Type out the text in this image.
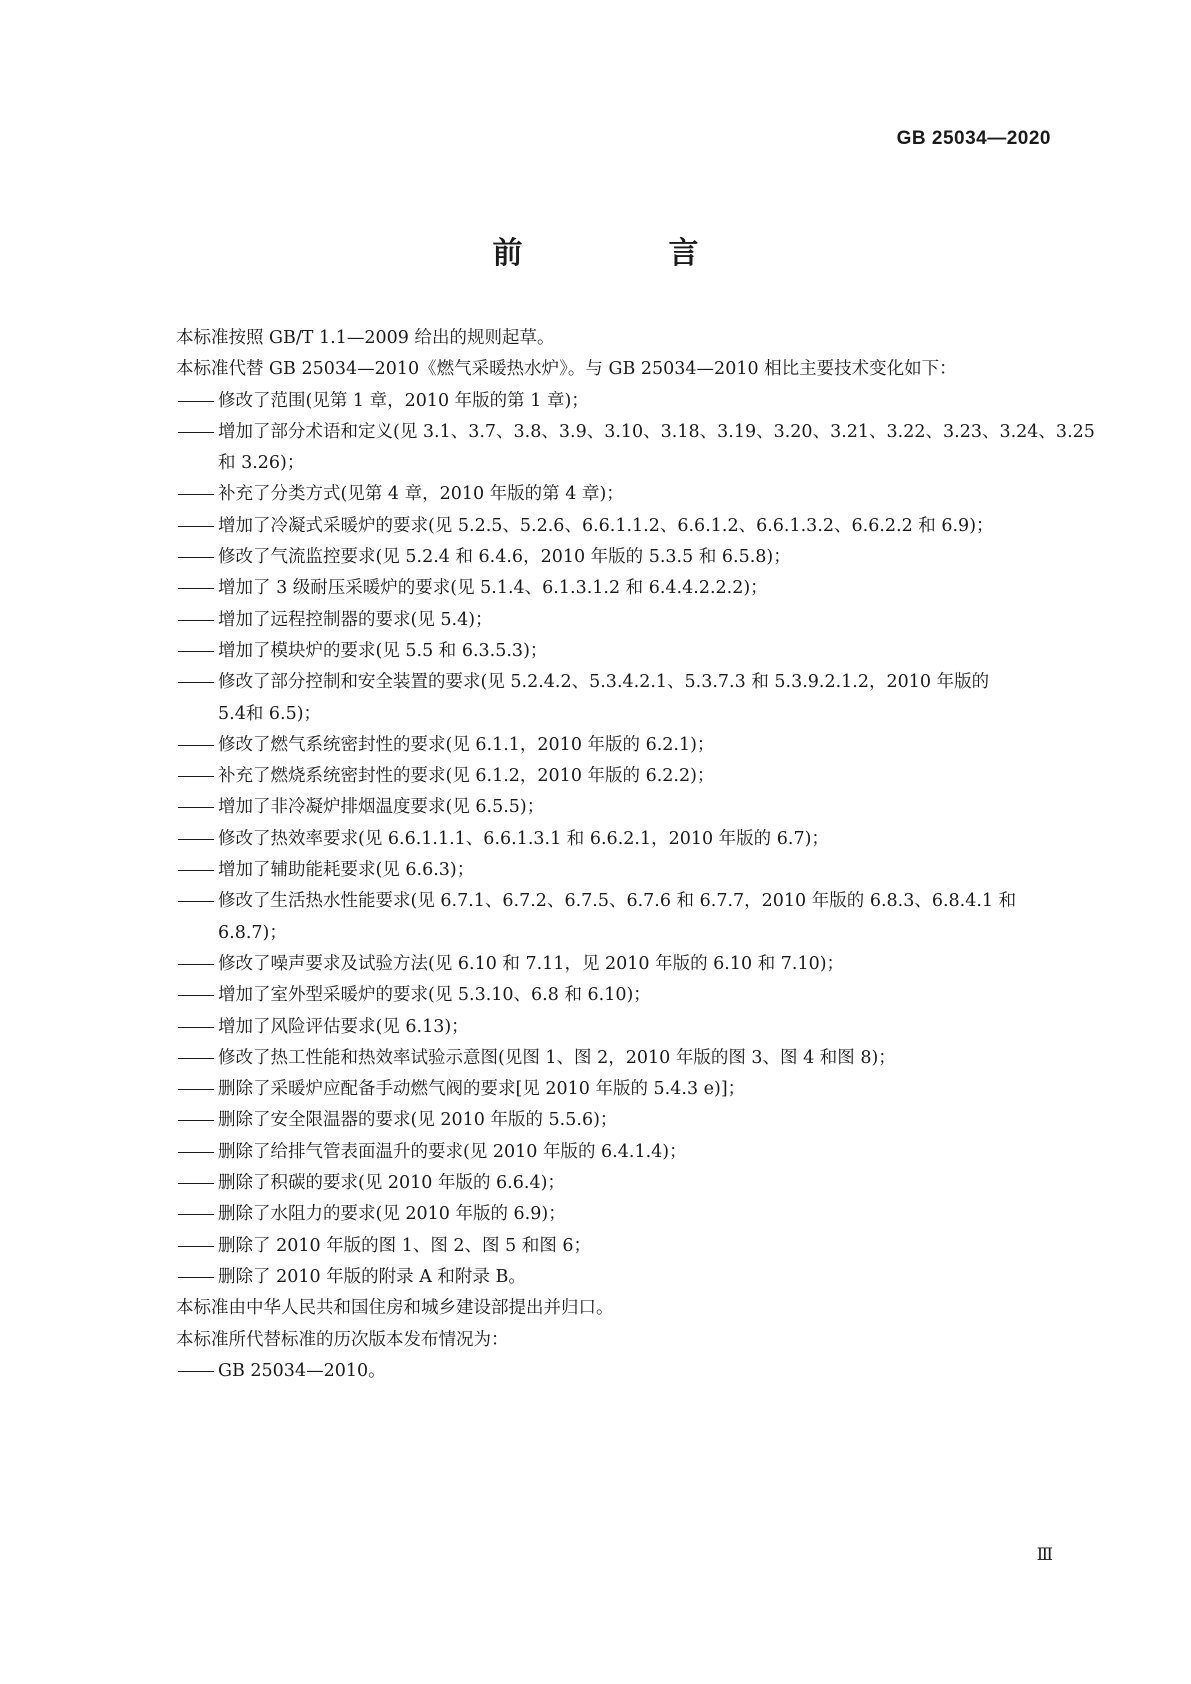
GB 25034—2020
前　言
本标准按照 GB/T 1.1—2009 给出的规则起草。
本标准代替 GB 25034—2010《燃气采暖热水炉》。与 GB 25034—2010 相比主要技术变化如下：
修改了范围(见第 1 章，2010 年版的第 1 章)；
增加了部分术语和定义(见 3.1、3.7、3.8、3.9、3.10、3.18、3.19、3.20、3.21、3.22、3.23、3.24、3.25
和 3.26)；
补充了分类方式(见第 4 章，2010 年版的第 4 章)；
增加了冷凝式采暖炉的要求(见 5.2.5、5.2.6、6.6.1.1.2、6.6.1.2、6.6.1.3.2、6.6.2.2 和 6.9)；
修改了气流监控要求(见 5.2.4 和 6.4.6，2010 年版的 5.3.5 和 6.5.8)；
增加了 3 级耐压采暖炉的要求(见 5.1.4、6.1.3.1.2 和 6.4.4.2.2.2)；
增加了远程控制器的要求(见 5.4)；
增加了模块炉的要求(见 5.5 和 6.3.5.3)；
修改了部分控制和安全装置的要求(见 5.2.4.2、5.3.4.2.1、5.3.7.3 和 5.3.9.2.1.2，2010 年版的
5.4和 6.5)；
修改了燃气系统密封性的要求(见 6.1.1，2010 年版的 6.2.1)；
补充了燃烧系统密封性的要求(见 6.1.2，2010 年版的 6.2.2)；
增加了非冷凝炉排烟温度要求(见 6.5.5)；
修改了热效率要求(见 6.6.1.1.1、6.6.1.3.1 和 6.6.2.1，2010 年版的 6.7)；
增加了辅助能耗要求(见 6.6.3)；
修改了生活热水性能要求(见 6.7.1、6.7.2、6.7.5、6.7.6 和 6.7.7，2010 年版的 6.8.3、6.8.4.1 和
6.8.7)；
修改了噪声要求及试验方法(见 6.10 和 7.11，见 2010 年版的 6.10 和 7.10)；
增加了室外型采暖炉的要求(见 5.3.10、6.8 和 6.10)；
增加了风险评估要求(见 6.13)；
修改了热工性能和热效率试验示意图(见图 1、图 2，2010 年版的图 3、图 4 和图 8)；
删除了采暖炉应配备手动燃气阀的要求[见 2010 年版的 5.4.3 e)]；
删除了安全限温器的要求(见 2010 年版的 5.5.6)；
删除了给排气管表面温升的要求(见 2010 年版的 6.4.1.4)；
删除了积碳的要求(见 2010 年版的 6.6.4)；
删除了水阻力的要求(见 2010 年版的 6.9)；
删除了 2010 年版的图 1、图 2、图 5 和图 6；
删除了 2010 年版的附录 A 和附录 B。
本标准由中华人民共和国住房和城乡建设部提出并归口。
本标准所代替标准的历次版本发布情况为：
GB 25034—2010。
Ⅲ
